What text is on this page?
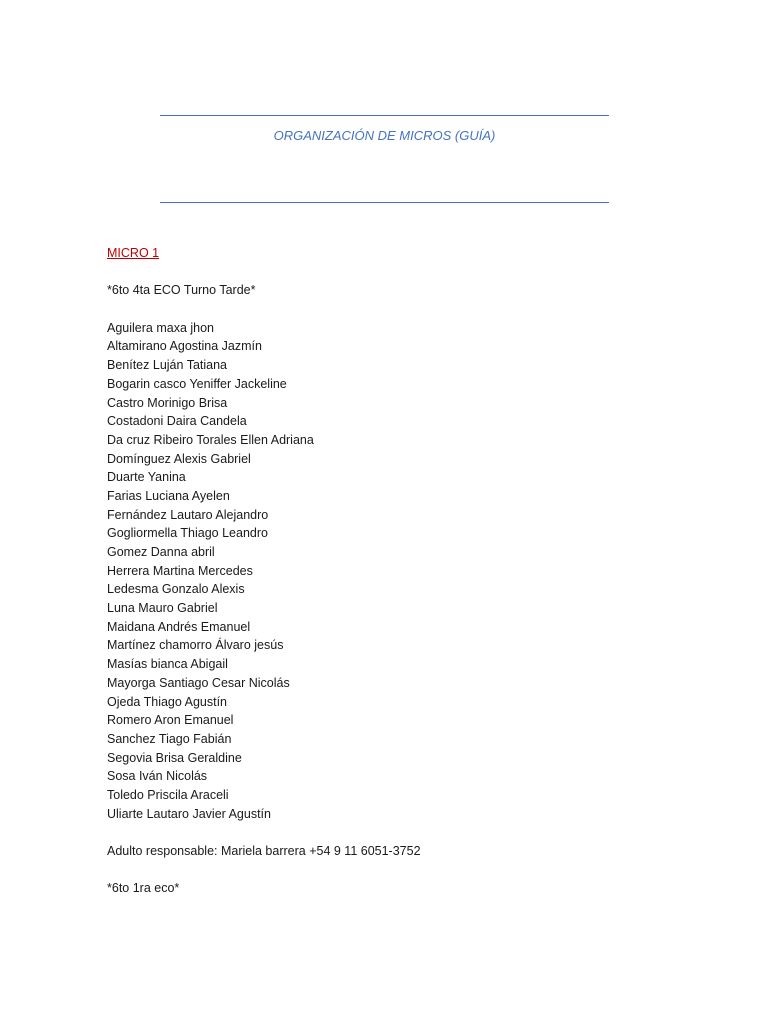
ORGANIZACIÓN DE MICROS (GUÍA)
MICRO 1
*6to 4ta ECO Turno Tarde*
Aguilera maxa jhon
Altamirano Agostina Jazmín
Benítez Luján Tatiana
Bogarin casco Yeniffer Jackeline
Castro Morinigo Brisa
Costadoni Daira Candela
Da cruz Ribeiro Torales Ellen Adriana
Domínguez Alexis Gabriel
Duarte Yanina
Farias Luciana Ayelen
Fernández Lautaro Alejandro
Gogliormella Thiago Leandro
Gomez Danna abril
Herrera Martina Mercedes
Ledesma Gonzalo Alexis
Luna Mauro Gabriel
Maidana Andrés Emanuel
Martínez chamorro Álvaro jesús
Masías bianca Abigail
Mayorga Santiago Cesar Nicolás
Ojeda Thiago Agustín
Romero Aron Emanuel
Sanchez Tiago Fabián
Segovia Brisa Geraldine
Sosa Iván Nicolás
Toledo Priscila Araceli
Uliarte Lautaro Javier Agustín
Adulto responsable: Mariela barrera +54 9 11 6051-3752
*6to 1ra eco*
